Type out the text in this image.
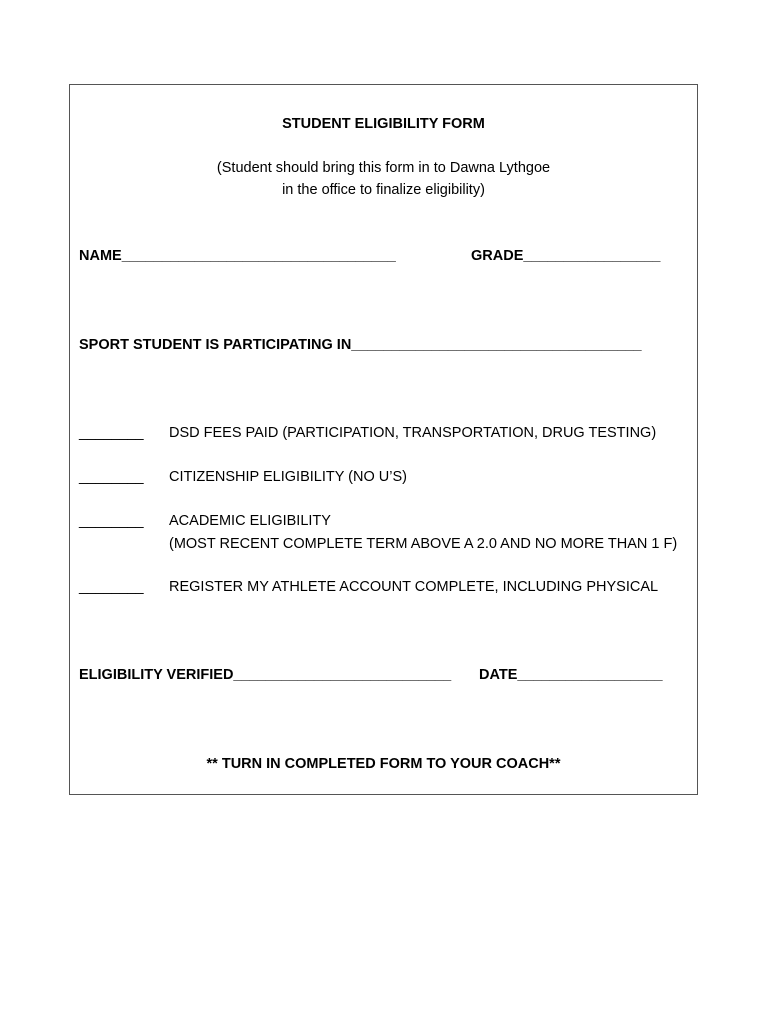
STUDENT ELIGIBILITY FORM
(Student should bring this form in to Dawna Lythgoe
in the office to finalize eligibility)
NAME__________________________________	GRADE_________________
SPORT STUDENT IS PARTICIPATING IN____________________________________
________ DSD FEES PAID (PARTICIPATION, TRANSPORTATION, DRUG TESTING)
________ CITIZENSHIP ELIGIBILITY (NO U’S)
________ ACADEMIC ELIGIBILITY
(MOST RECENT COMPLETE TERM ABOVE A 2.0 AND NO MORE THAN 1 F)
________ REGISTER MY ATHLETE ACCOUNT COMPLETE, INCLUDING PHYSICAL
ELIGIBILITY VERIFIED___________________________ DATE__________________
** TURN IN COMPLETED FORM TO YOUR COACH**
